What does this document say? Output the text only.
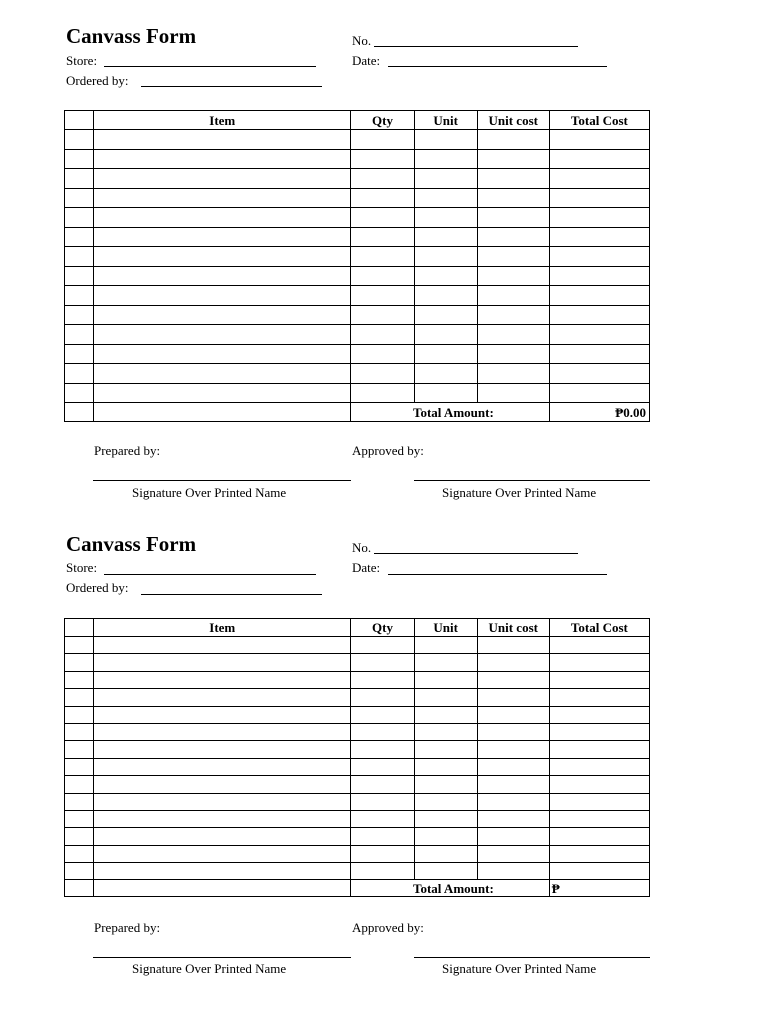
Canvass Form	No.
Store:	Date:
Ordered by:
	Item	Qty	Unit	Unit cost	Total Cost

		Total Amount:			₱0.00
Prepared by:	Approved by:
Signature Over Printed Name	Signature Over Printed Name
Canvass Form	No.
Store:	Date:
Ordered by:
	Item	Qty	Unit	Unit cost	Total Cost

		Total Amount:			₱
Prepared by:	Approved by:
Signature Over Printed Name	Signature Over Printed Name
